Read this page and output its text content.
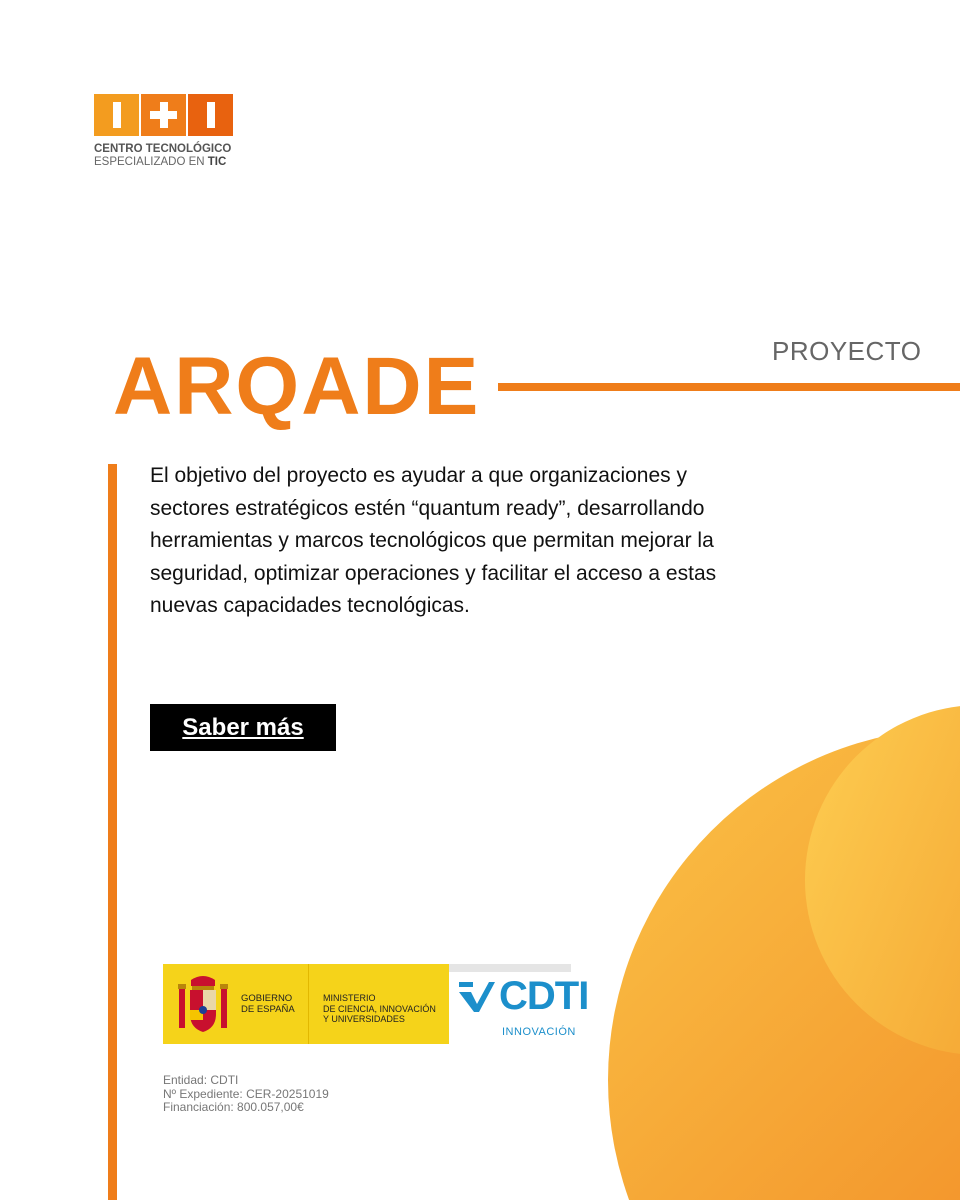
CENTRO TECNOLÓGICO
ESPECIALIZADO EN TIC
PROYECTO
ARQADE
El objetivo del proyecto es ayudar a que organizaciones y sectores estratégicos estén “quantum ready”, desarrollando herramientas y marcos tecnológicos que permitan mejorar la seguridad, optimizar operaciones y facilitar el acceso a estas nuevas capacidades tecnológicas.
Saber más
GOBIERNO
DE ESPAÑA
MINISTERIO
DE CIENCIA, INNOVACIÓN
Y UNIVERSIDADES
CDTI
INNOVACIÓN
Entidad: CDTI
Nº Expediente: CER-20251019
Financiación: 800.057,00€
